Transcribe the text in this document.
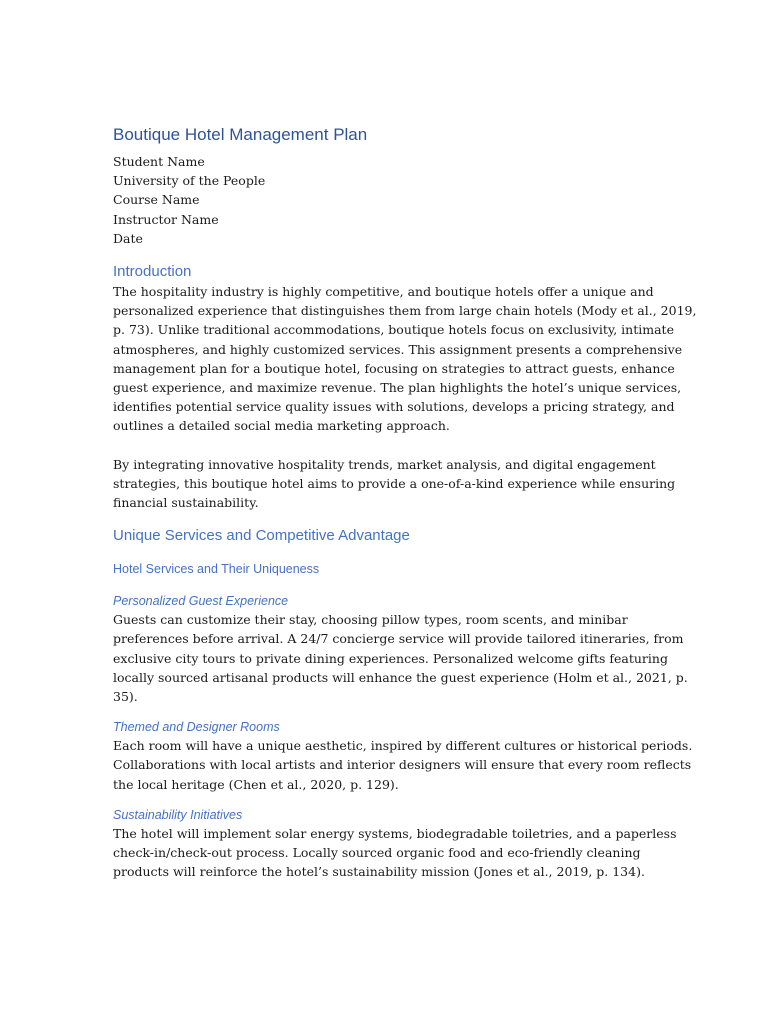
Boutique Hotel Management Plan

Student Name

University of the People

Course Name

Instructor Name

Date

Introduction

The hospitality industry is highly competitive, and boutique hotels offer a unique and
personalized experience that distinguishes them from large chain hotels (Mody et al., 2019,
p. 73). Unlike traditional accommodations, boutique hotels focus on exclusivity, intimate
atmospheres, and highly customized services. This assignment presents a comprehensive
management plan for a boutique hotel, focusing on strategies to attract guests, enhance
guest experience, and maximize revenue. The plan highlights the hotel’s unique services,
identifies potential service quality issues with solutions, develops a pricing strategy, and
outlines a detailed social media marketing approach.

By integrating innovative hospitality trends, market analysis, and digital engagement
strategies, this boutique hotel aims to provide a one-of-a-kind experience while ensuring
financial sustainability.

Unique Services and Competitive Advantage
Hotel Services and Their Uniqueness
Personalized Guest Experience

Guests can customize their stay, choosing pillow types, room scents, and minibar
preferences before arrival. A 24/7 concierge service will provide tailored itineraries, from
exclusive city tours to private dining experiences. Personalized welcome gifts featuring
locally sourced artisanal products will enhance the guest experience (Holm et al., 2021, p.
35).

Themed and Designer Rooms

Each room will have a unique aesthetic, inspired by different cultures or historical periods.
Collaborations with local artists and interior designers will ensure that every room reflects
the local heritage (Chen et al., 2020, p. 129).

Sustainability Initiatives

The hotel will implement solar energy systems, biodegradable toiletries, and a paperless
check-in/check-out process. Locally sourced organic food and eco-friendly cleaning
products will reinforce the hotel’s sustainability mission (Jones et al., 2019, p. 134).
